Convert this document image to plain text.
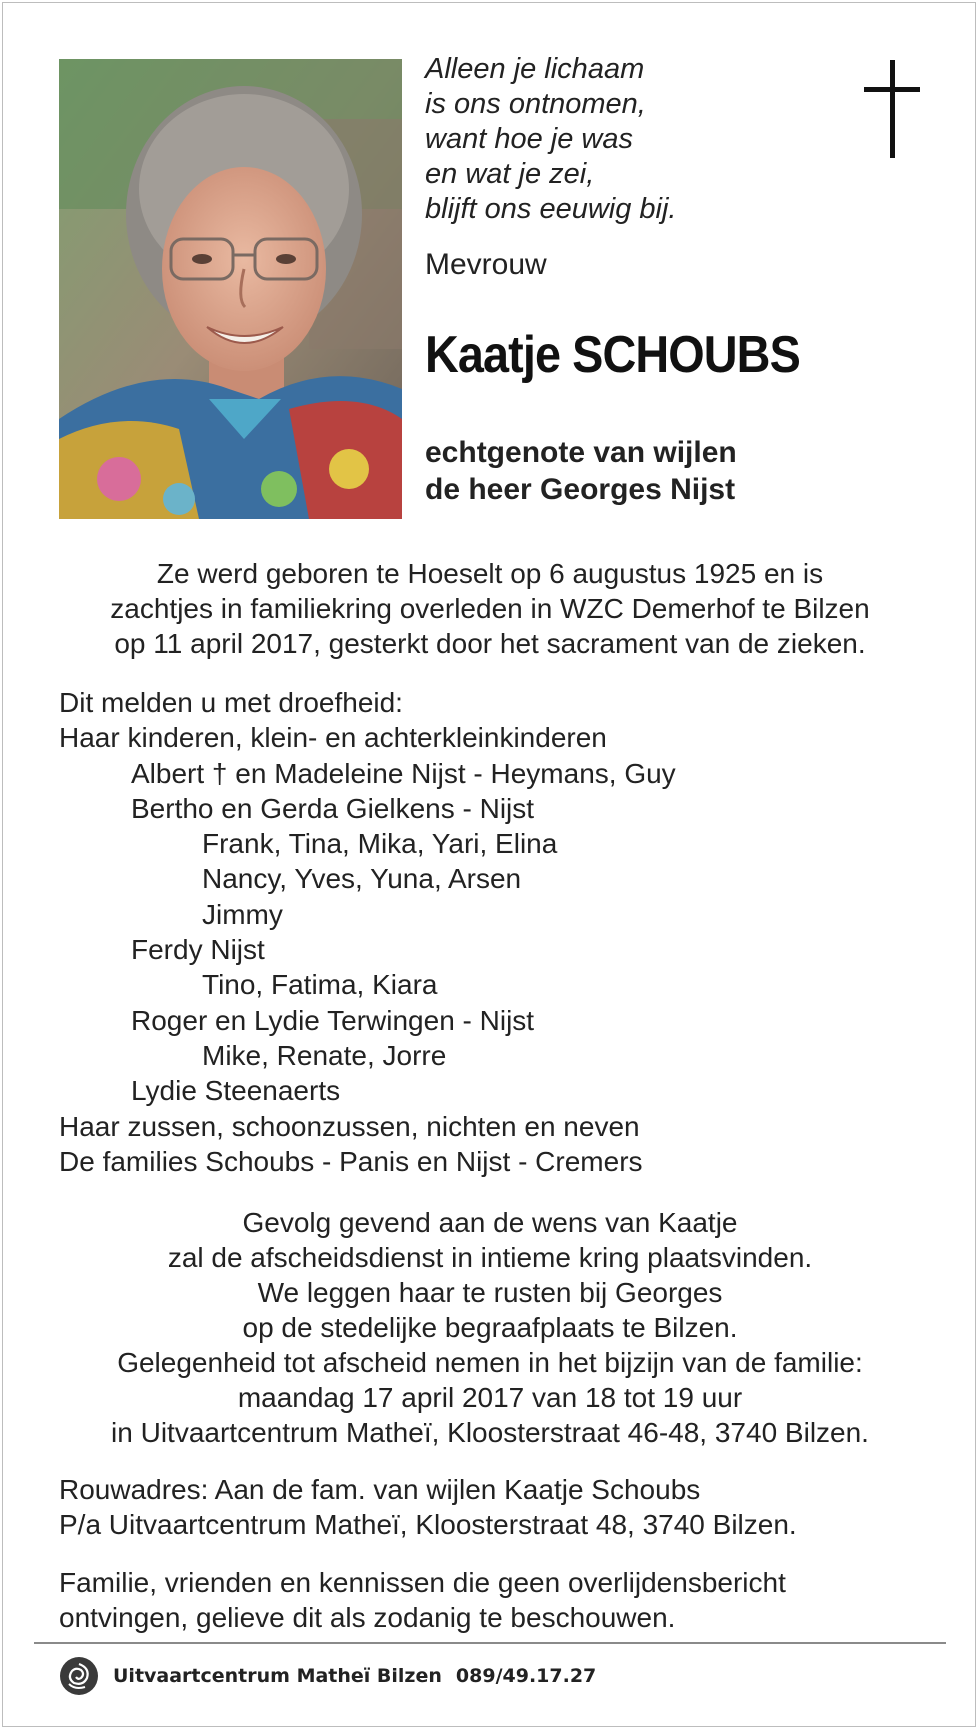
Alleen je lichaam
is ons ontnomen,
want hoe je was
en wat je zei,
blijft ons eeuwig bij.
Mevrouw
Kaatje SCHOUBS
echtgenote van wijlen
de heer Georges Nijst
Ze werd geboren te Hoeselt op 6 augustus 1925 en is
zachtjes in familiekring overleden in WZC Demerhof te Bilzen
op 11 april 2017, gesterkt door het sacrament van de zieken.
Dit melden u met droefheid:
Haar kinderen, klein- en achterkleinkinderen
Albert † en Madeleine Nijst - Heymans, Guy
Bertho en Gerda Gielkens - Nijst
Frank, Tina, Mika, Yari, Elina
Nancy, Yves, Yuna, Arsen
Jimmy
Ferdy Nijst
Tino, Fatima, Kiara
Roger en Lydie Terwingen - Nijst
Mike, Renate, Jorre
Lydie Steenaerts
Haar zussen, schoonzussen, nichten en neven
De families Schoubs - Panis en Nijst - Cremers
Gevolg gevend aan de wens van Kaatje
zal de afscheidsdienst in intieme kring plaatsvinden.
We leggen haar te rusten bij Georges
op de stedelijke begraafplaats te Bilzen.
Gelegenheid tot afscheid nemen in het bijzijn van de familie:
maandag 17 april 2017 van 18 tot 19 uur
in Uitvaartcentrum Matheï, Kloosterstraat 46-48, 3740 Bilzen.
Rouwadres: Aan de fam. van wijlen Kaatje Schoubs
P/a Uitvaartcentrum Matheï, Kloosterstraat 48, 3740 Bilzen.
Familie, vrienden en kennissen die geen overlijdensbericht
ontvingen, gelieve dit als zodanig te beschouwen.
Uitvaartcentrum Matheï Bilzen 089/49.17.27
